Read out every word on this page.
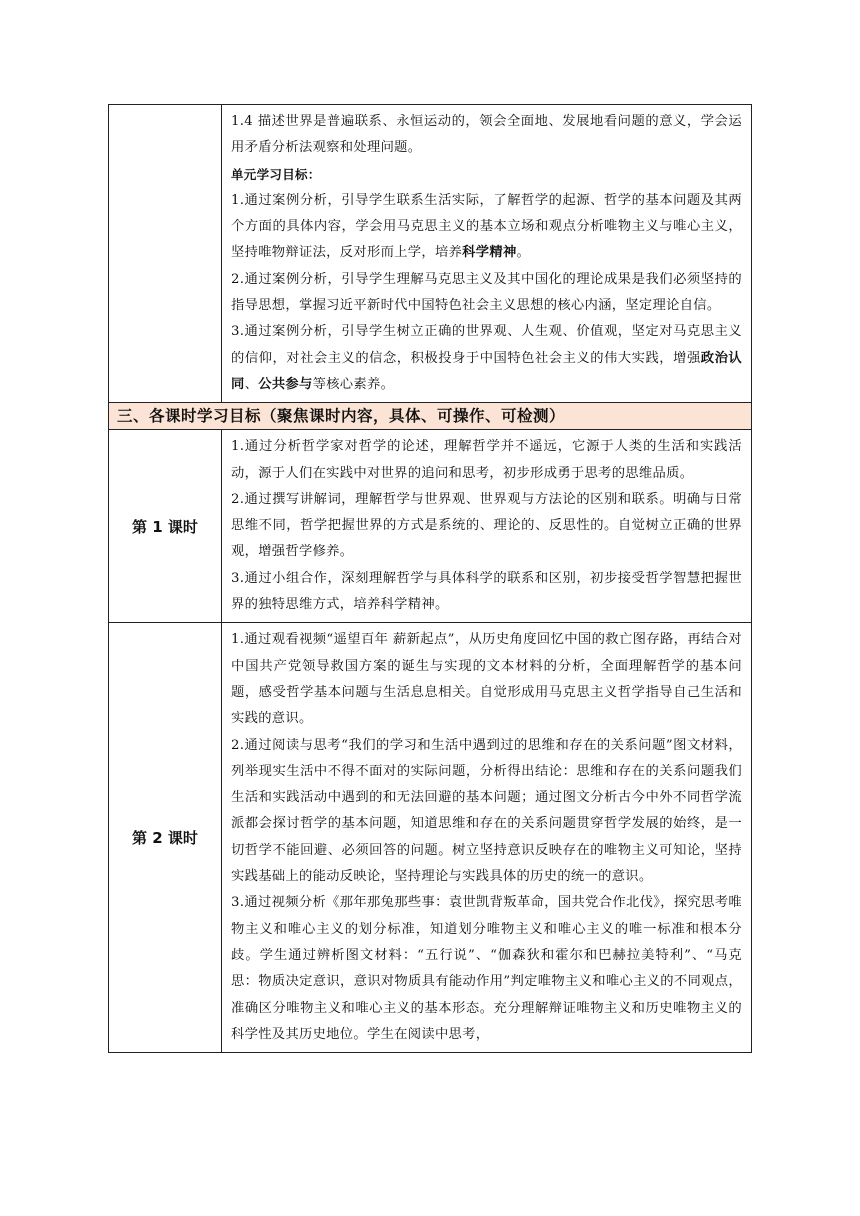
	1.4 描述世界是普遍联系、永恒运动的，领会全面地、发展地看问题的意义，学会运用矛盾分析法观察和处理问题。

单元学习目标：

1.通过案例分析，引导学生联系生活实际，了解哲学的起源、哲学的基本问题及其两个方面的具体内容，学会用马克思主义的基本立场和观点分析唯物主义与唯心主义，坚持唯物辩证法，反对形而上学，培养科学精神。

2.通过案例分析，引导学生理解马克思主义及其中国化的理论成果是我们必须坚持的指导思想，掌握习近平新时代中国特色社会主义思想的核心内涵，坚定理论自信。

3.通过案例分析，引导学生树立正确的世界观、人生观、价值观，坚定对马克思主义的信仰，对社会主义的信念，积极投身于中国特色社会主义的伟大实践，增强政治认同、公共参与等核心素养。

三、各课时学习目标（聚焦课时内容，具体、可操作、可检测）	
第 1 课时	1.通过分析哲学家对哲学的论述，理解哲学并不遥远，它源于人类的生活和实践活动，源于人们在实践中对世界的追问和思考，初步形成勇于思考的思维品质。

2.通过撰写讲解词，理解哲学与世界观、世界观与方法论的区别和联系。明确与日常思维不同，哲学把握世界的方式是系统的、理论的、反思性的。自觉树立正确的世界观，增强哲学修养。

3.通过小组合作，深刻理解哲学与具体科学的联系和区别，初步接受哲学智慧把握世界的独特思维方式，培养科学精神。

第 2 课时	1.通过观看视频“遥望百年 薪新起点”，从历史角度回忆中国的救亡图存路，再结合对中国共产党领导救国方案的诞生与实现的文本材料的分析，全面理解哲学的基本问题，感受哲学基本问题与生活息息相关。自觉形成用马克思主义哲学指导自己生活和实践的意识。

2.通过阅读与思考“我们的学习和生活中遇到过的思维和存在的关系问题”图文材料，列举现实生活中不得不面对的实际问题，分析得出结论：思维和存在的关系问题我们生活和实践活动中遇到的和无法回避的基本问题；通过图文分析古今中外不同哲学流派都会探讨哲学的基本问题，知道思维和存在的关系问题贯穿哲学发展的始终，是一切哲学不能回避、必须回答的问题。树立坚持意识反映存在的唯物主义可知论，坚持实践基础上的能动反映论，坚持理论与实践具体的历史的统一的意识。

3.通过视频分析《那年那兔那些事：袁世凯背叛革命，国共党合作北伐》，探究思考唯物主义和唯心主义的划分标准，知道划分唯物主义和唯心主义的唯一标准和根本分歧。学生通过辨析图文材料：“五行说”、“伽森狄和霍尔和巴赫拉美特利”、“马克思：物质决定意识，意识对物质具有能动作用”判定唯物主义和唯心主义的不同观点，准确区分唯物主义和唯心主义的基本形态。充分理解辩证唯物主义和历史唯物主义的科学性及其历史地位。学生在阅读中思考，
